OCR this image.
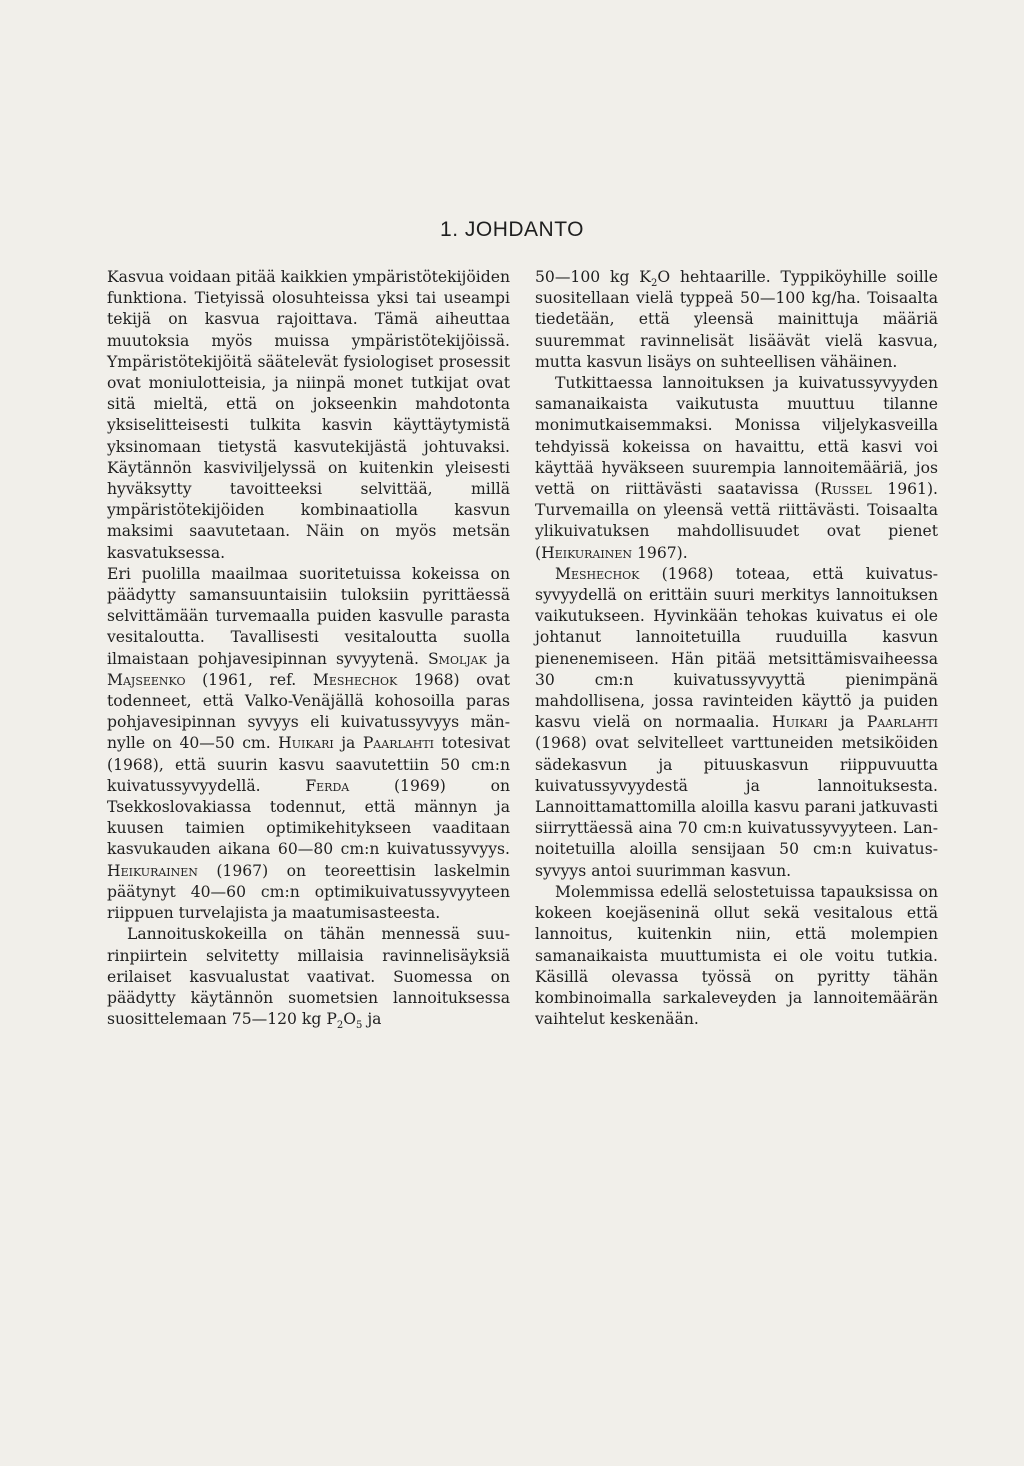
1. JOHDANTO

Kasvua voidaan pitää kaikkien ympäristötekijöiden funktiona. Tietyissä olosuhteissa yksi tai useampi tekijä on kasvua rajoittava. Tämä aiheuttaa muutoksia myös muissa ympäristötekijöissä. Ympäristötekijöitä säätelevät fysiologiset prosessit ovat moniulotteisia, ja niinpä monet tutkijat ovat sitä mieltä, että on jokseenkin mahdotonta yksiselitteisesti tulkita kasvin käyttäytymistä yksinomaan tietystä kasvutekijästä johtuvaksi. Käytännön kasviviljelyssä on kuitenkin yleisesti hyväksytty tavoitteeksi selvittää, millä ympäristötekijöiden kombinaatiolla kasvun maksimi saavutetaan. Näin on myös metsän kasvatuksessa.

Eri puolilla maailmaa suoritetuissa kokeissa on päädytty samansuuntaisiin tuloksiin pyrittäessä selvittämään turvemaalla puiden kasvulle parasta vesitaloutta. Tavallisesti vesitaloutta suolla ilmaistaan pohjavesipinnan syvyytenä. Smoljak ja Majseenko (1961, ref. Meshechok 1968) ovat todenneet, että Valko-Venäjällä kohosoilla paras pohjavesipinnan syvyys eli kuivatussyvyys männylle on 40—50 cm. Huikari ja Paarlahti totesivat (1968), että suurin kasvu saavutettiin 50 cm:n kuivatussyvyydellä. Ferda (1969) on Tsekkoslovakiassa todennut, että männyn ja kuusen taimien optimikehitykseen vaaditaan kasvukauden aikana 60—80 cm:n kuivatussyvyys. Heikurainen (1967) on teoreettisin laskelmin päätynyt 40—60 cm:n optimikuivatussyvyyteen riippuen turvelajista ja maatumisasteesta.

Lannoituskokeilla on tähän mennessä suurinpiirtein selvitetty millaisia ravinnelisäyksiä erilaiset kasvualustat vaativat. Suomessa on päädytty käytännön suometsien lannoituksessa suosittelemaan 75—120 kg $P_2O_5$ ja

50—100 kg $K_2O$ hehtaarille. Typpiköyhille soille suositellaan vielä typpeä 50—100 kg/ha. Toisaalta tiedetään, että yleensä mainittuja määriä suuremmat ravinnelisät lisäävät vielä kasvua, mutta kasvun lisäys on suhteellisen vähäinen.

Tutkittaessa lannoituksen ja kuivatussyvyyden samanaikaista vaikutusta muuttuu tilanne monimutkaisemmaksi. Monissa viljelykasveilla tehdyissä kokeissa on havaittu, että kasvi voi käyttää hyväkseen suurempia lannoitemääriä, jos vettä on riittävästi saatavissa (Russel 1961). Turvemailla on yleensä vettä riittävästi. Toisaalta ylikuivatuksen mahdollisuudet ovat pienet (Heikurainen 1967).

Meshechok (1968) toteaa, että kuivatussyvyydellä on erittäin suuri merkitys lannoituksen vaikutukseen. Hyvinkään tehokas kuivatus ei ole johtanut lannoitetuilla ruuduilla kasvun pienenemiseen. Hän pitää metsittämisvaiheessa 30 cm:n kuivatussyvyyttä pienimpänä mahdollisena, jossa ravinteiden käyttö ja puiden kasvu vielä on normaalia. Huikari ja Paarlahti (1968) ovat selvitelleet varttuneiden metsiköiden sädekasvun ja pituuskasvun riippuvuutta kuivatussyvyydestä ja lannoituksesta. Lannoittamattomilla aloilla kasvu parani jatkuvasti siirryttäessä aina 70 cm:n kuivatussyvyyteen. Lannoitetuilla aloilla sensijaan 50 cm:n kuivatussyvyys antoi suurimman kasvun.

Molemmissa edellä selostetuissa tapauksissa on kokeen koejäseninä ollut sekä vesitalous että lannoitus, kuitenkin niin, että molempien samanaikaista muuttumista ei ole voitu tutkia. Käsillä olevassa työssä on pyritty tähän kombinoimalla sarkaleveyden ja lannoitemäärän vaihtelut keskenään.
